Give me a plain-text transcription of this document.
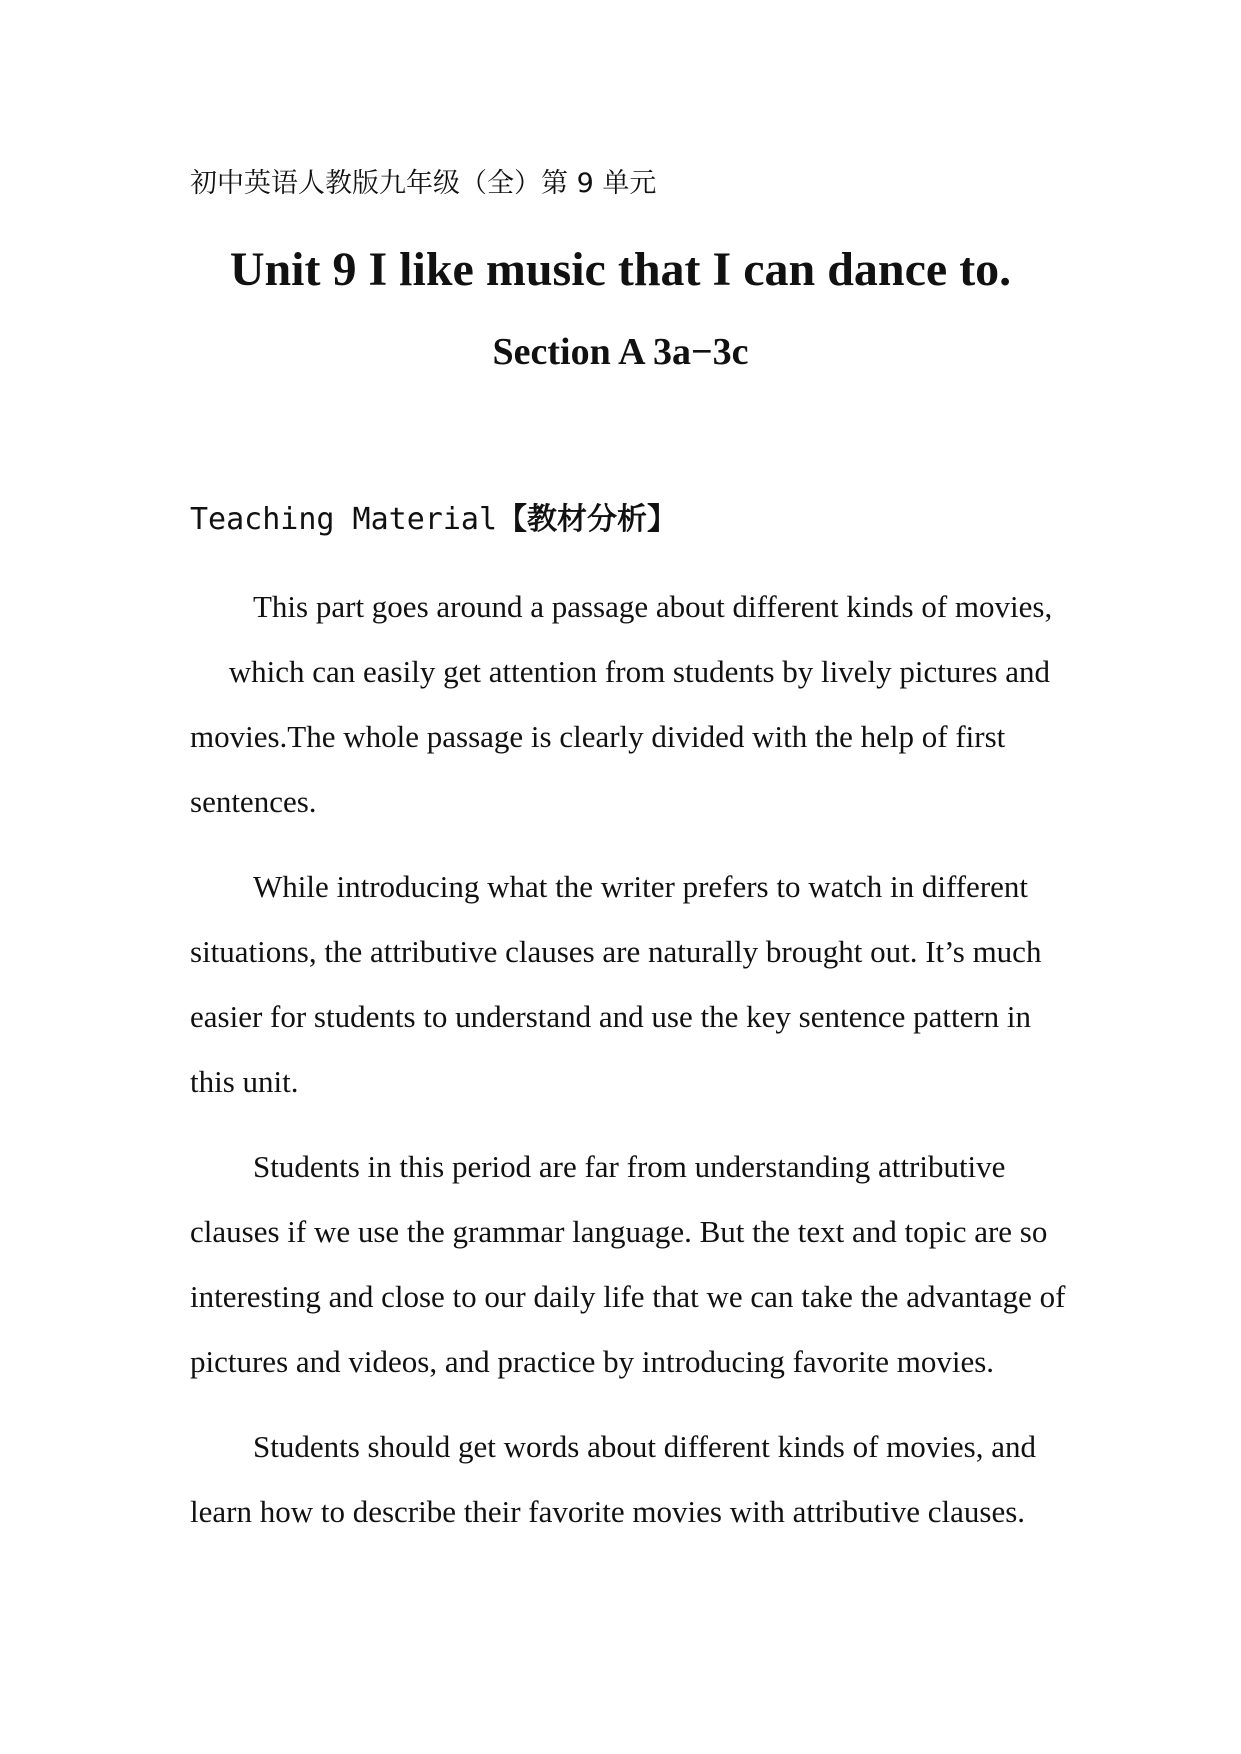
初中英语人教版九年级（全）第 9 单元
Unit 9 I like music that I can dance to.
Section A 3a−3c
Teaching Material【教材分析】

This part goes around a passage about different kinds of movies,      which can easily get attention from students by lively pictures and movies.The whole passage is clearly divided with the help of first sentences.

While introducing what the writer prefers to watch in different situations, the attributive clauses are naturally brought out. It’s much easier for students to understand and use the key sentence pattern in this unit.

Students in this period are far from understanding attributive clauses if we use the grammar language. But the text and topic are so interesting and close to our daily life that we can take the advantage of pictures and videos, and practice by introducing favorite movies.

Students should get words about different kinds of movies, and learn how to describe their favorite movies with attributive clauses.
